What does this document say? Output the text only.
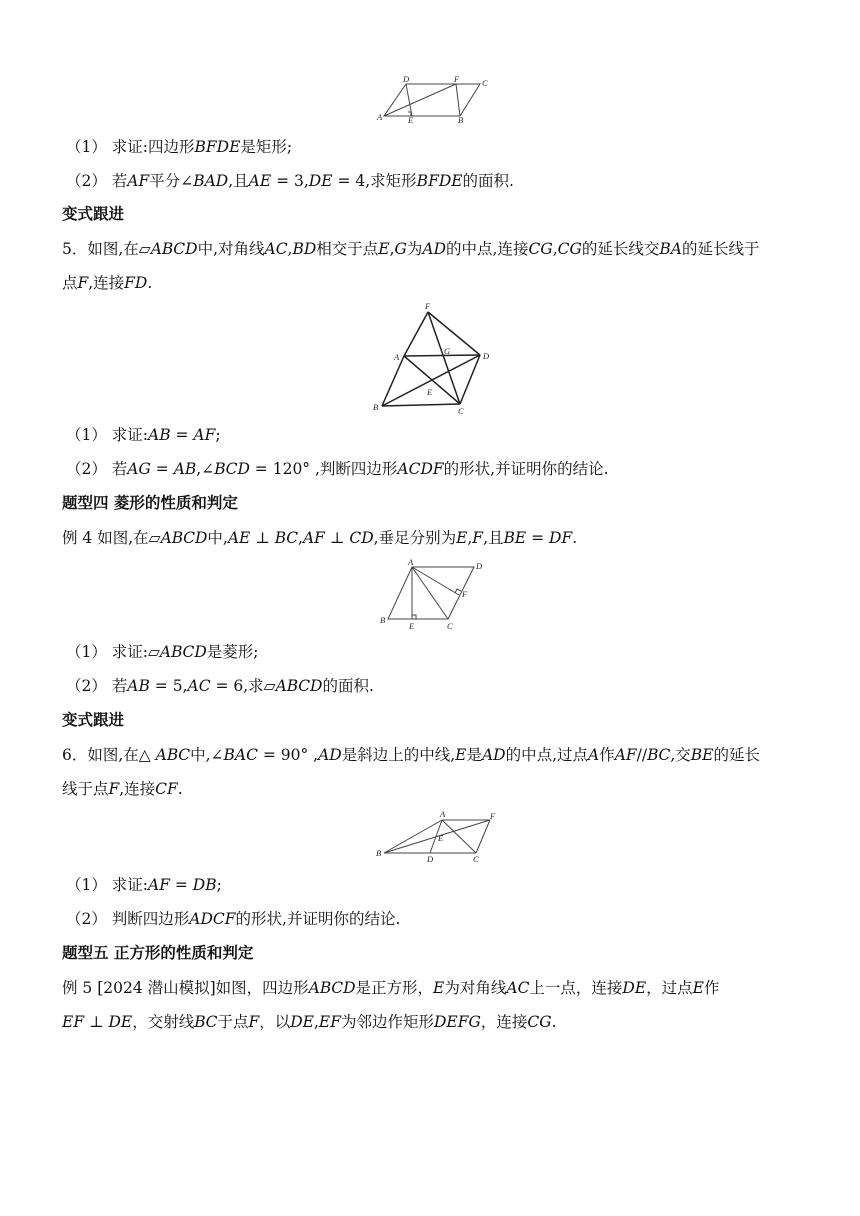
D	F	C
A	E	B
（1） 求证:四边形𝐵𝐹𝐷𝐸是矩形;
（2） 若𝐴𝐹平分∠𝐵𝐴𝐷,且𝐴𝐸 = 3,𝐷𝐸 = 4,求矩形𝐵𝐹𝐷𝐸的面积.
变式跟进
5．如图,在▱𝐴𝐵𝐶𝐷中,对角线𝐴𝐶,𝐵𝐷相交于点𝐸,𝐺为𝐴𝐷的中点,连接𝐶𝐺,𝐶𝐺的延长线交𝐵𝐴的延长线于
点𝐹,连接𝐹𝐷.
F
A
G	D
E
B	C
（1） 求证:𝐴𝐵 = 𝐴𝐹;
（2） 若𝐴𝐺 = 𝐴𝐵,∠𝐵𝐶𝐷 = 120° ,判断四边形𝐴𝐶𝐷𝐹的形状,并证明你的结论.
题型四 菱形的性质和判定
例 4 如图,在▱𝐴𝐵𝐶𝐷中,𝐴𝐸 ⊥ 𝐵𝐶,𝐴𝐹 ⊥ 𝐶𝐷,垂足分别为𝐸,𝐹,且𝐵𝐸 = 𝐷𝐹.
A	D
F
B
E	C
（1） 求证:▱𝐴𝐵𝐶𝐷是菱形;
（2） 若𝐴𝐵 = 5,𝐴𝐶 = 6,求▱𝐴𝐵𝐶𝐷的面积.
变式跟进
6．如图,在△ 𝐴𝐵𝐶中,∠𝐵𝐴𝐶 = 90° ,𝐴𝐷是斜边上的中线,𝐸是𝐴𝐷的中点,过点𝐴作𝐴𝐹//𝐵𝐶,交𝐵𝐸的延长
线于点𝐹,连接𝐶𝐹.
A	F
E
B
D	C
（1） 求证:𝐴𝐹 = 𝐷𝐵;
（2） 判断四边形𝐴𝐷𝐶𝐹的形状,并证明你的结论.
题型五 正方形的性质和判定
例 5 [2024 潜山模拟]如图，四边形𝐴𝐵𝐶𝐷是正方形，𝐸为对角线𝐴𝐶上一点，连接𝐷𝐸，过点𝐸作
𝐸𝐹 ⊥ 𝐷𝐸，交射线𝐵𝐶于点𝐹，以𝐷𝐸,𝐸𝐹为邻边作矩形𝐷𝐸𝐹𝐺，连接𝐶𝐺.
